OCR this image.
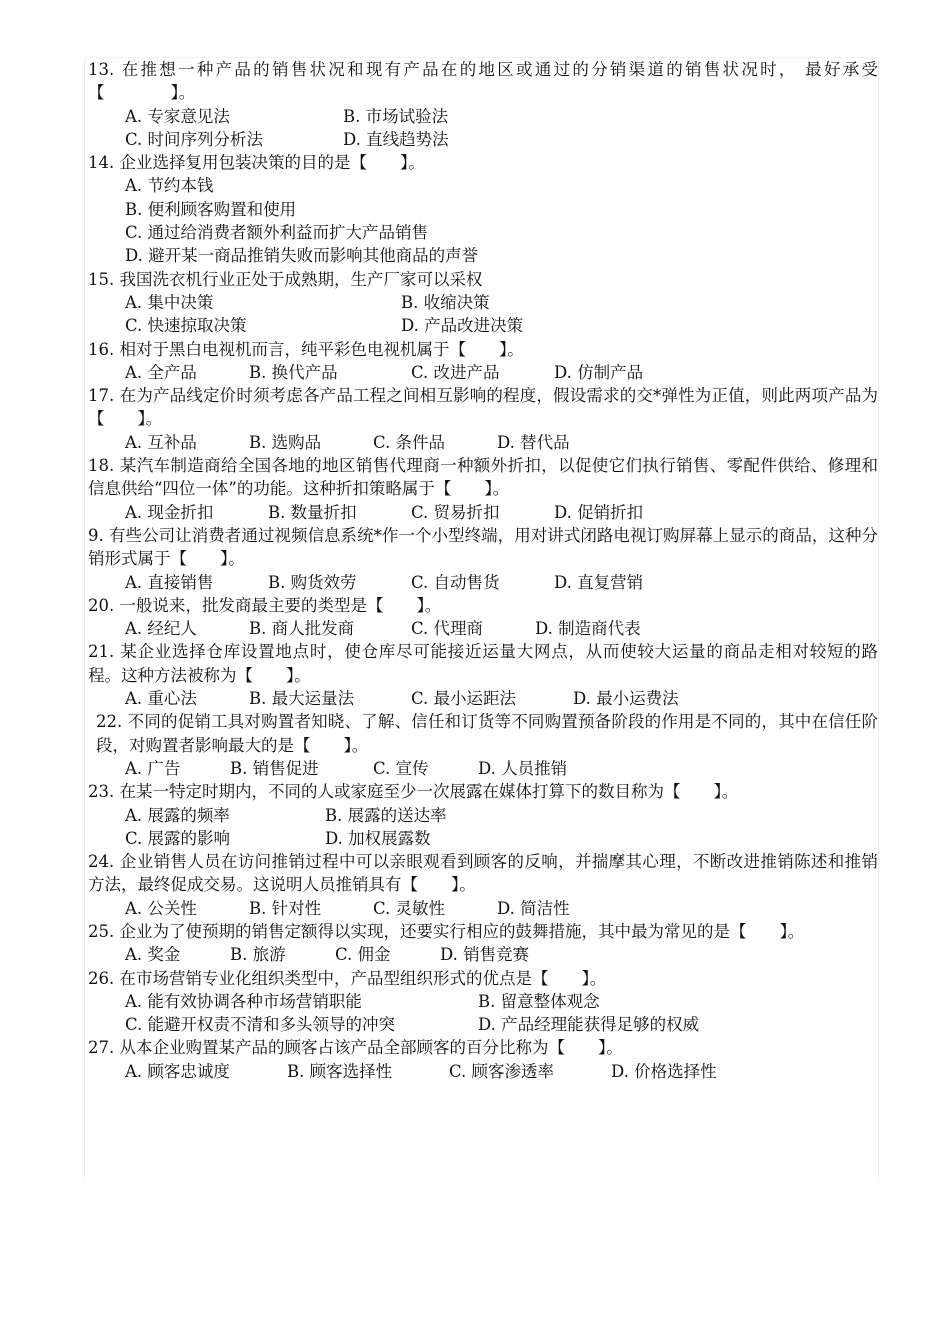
13. 在推想一种产品的销售状况和现有产品在的地区或通过的分销渠道的销售状况时， 最好承受【　　　　】。

A. 专家意见法	B. 市场试验法
C. 时间序列分析法	D. 直线趋势法

14. 企业选择复用包装决策的目的是【　　】。

A. 节约本钱
B. 便利顾客购置和使用
C. 通过给消费者额外利益而扩大产品销售
D. 避开某一商品推销失败而影响其他商品的声誉

15. 我国洗衣机行业正处于成熟期，生产厂家可以采权

A. 集中决策	B. 收缩决策
C. 快速掠取决策	D. 产品改进决策

16. 相对于黑白电视机而言，纯平彩色电视机属于【　　】。

A. 全产品	B. 换代产品	C. 改进产品	D. 仿制产品

17. 在为产品线定价时须考虑各产品工程之间相互影响的程度，假设需求的交*弹性为正值，则此两项产品为【　　】。

A. 互补品	B. 选购品	C. 条件品	D. 替代品

18. 某汽车制造商给全国各地的地区销售代理商一种额外折扣，以促使它们执行销售、零配件供给、修理和信息供给“四位一体”的功能。这种折扣策略属于【　　】。

A. 现金折扣	B. 数量折扣	C. 贸易折扣	D. 促销折扣

9. 有些公司让消费者通过视频信息系统*作一个小型终端，用对讲式闭路电视订购屏幕上显示的商品，这种分销形式属于【　　】。

A. 直接销售	B. 购货效劳	C. 自动售货	D. 直复营销

20. 一般说来，批发商最主要的类型是【　　】。

A. 经纪人	B. 商人批发商	C. 代理商	D. 制造商代表

21. 某企业选择仓库设置地点时，使仓库尽可能接近运量大网点，从而使较大运量的商品走相对较短的路程。这种方法被称为【　　】。

A. 重心法	B. 最大运量法	C. 最小运距法	D. 最小运费法

22. 不同的促销工具对购置者知晓、了解、信任和订货等不同购置预备阶段的作用是不同的，其中在信任阶段，对购置者影响最大的是【　　】。

A. 广告	B. 销售促进	C. 宣传	D. 人员推销

23. 在某一特定时期内，不同的人或家庭至少一次展露在媒体打算下的数目称为【　　】。

A. 展露的频率	B. 展露的送达率
C. 展露的影响	D. 加权展露数

24. 企业销售人员在访问推销过程中可以亲眼观看到顾客的反响，并揣摩其心理，不断改进推销陈述和推销方法，最终促成交易。这说明人员推销具有【　　】。

A. 公关性	B. 针对性	C. 灵敏性	D. 简洁性

25. 企业为了使预期的销售定额得以实现，还要实行相应的鼓舞措施，其中最为常见的是【　　】。

A. 奖金	B. 旅游	C. 佣金	D. 销售竞赛

26. 在市场营销专业化组织类型中，产品型组织形式的优点是【　　】。

A. 能有效协调各种市场营销职能	B. 留意整体观念
C. 能避开权责不清和多头领导的冲突	D. 产品经理能获得足够的权威

27. 从本企业购置某产品的顾客占该产品全部顾客的百分比称为【　　】。

A. 顾客忠诚度	B. 顾客选择性	C. 顾客渗透率	D. 价格选择性
